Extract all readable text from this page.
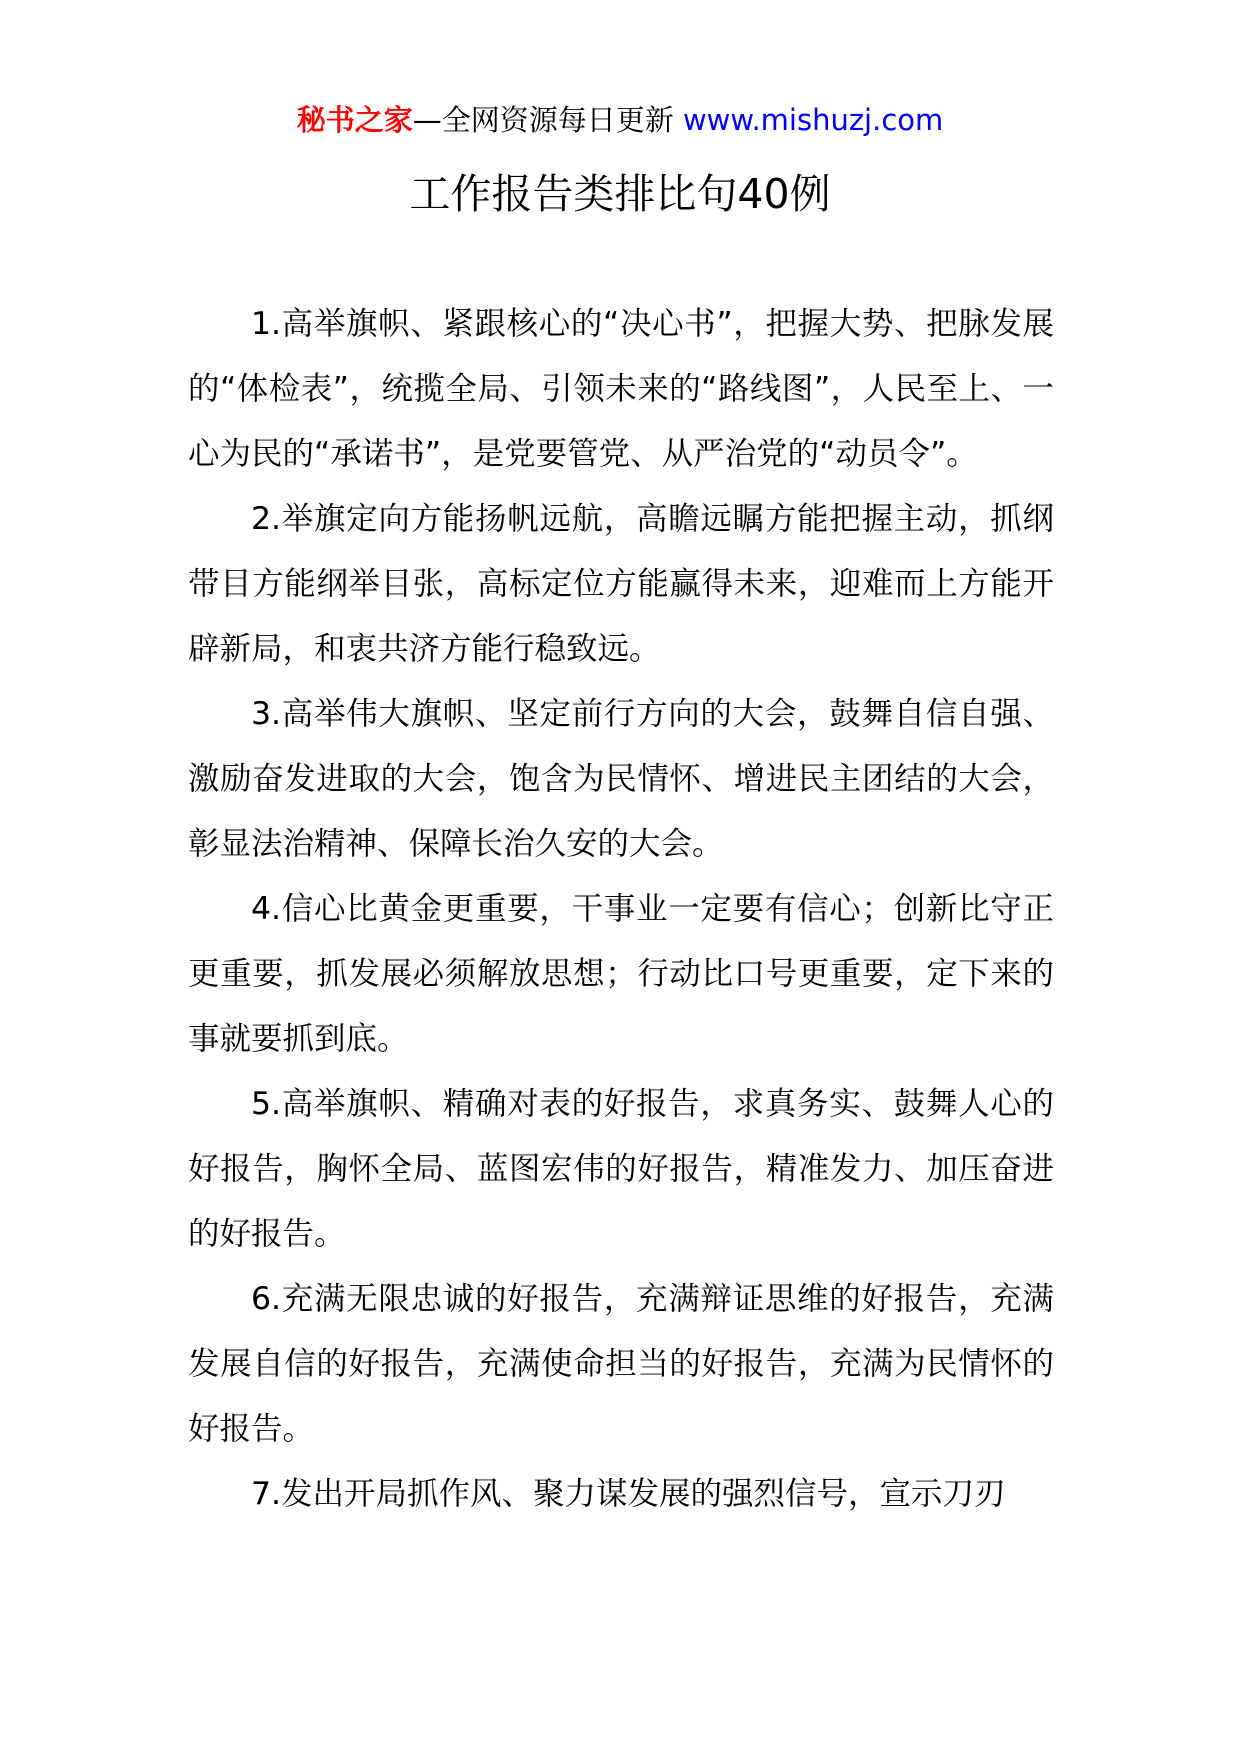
秘书之家—全网资源每日更新 www.mishuzj.com
工作报告类排比句40例

1.高举旗帜、紧跟核心的“决心书”，把握大势、把脉发展的“体检表”，统揽全局、引领未来的“路线图”，人民至上、一心为民的“承诺书”，是党要管党、从严治党的“动员令”。

2.举旗定向方能扬帆远航，高瞻远瞩方能把握主动，抓纲带目方能纲举目张，高标定位方能赢得未来，迎难而上方能开辟新局，和衷共济方能行稳致远。

3.高举伟大旗帜、坚定前行方向的大会，鼓舞自信自强、激励奋发进取的大会，饱含为民情怀、增进民主团结的大会，彰显法治精神、保障长治久安的大会。

4.信心比黄金更重要，干事业一定要有信心；创新比守正更重要，抓发展必须解放思想；行动比口号更重要，定下来的事就要抓到底。

5.高举旗帜、精确对表的好报告，求真务实、鼓舞人心的好报告，胸怀全局、蓝图宏伟的好报告，精准发力、加压奋进的好报告。

6.充满无限忠诚的好报告，充满辩证思维的好报告，充满发展自信的好报告，充满使命担当的好报告，充满为民情怀的好报告。

7.发出开局抓作风、聚力谋发展的强烈信号，宣示刀刃
